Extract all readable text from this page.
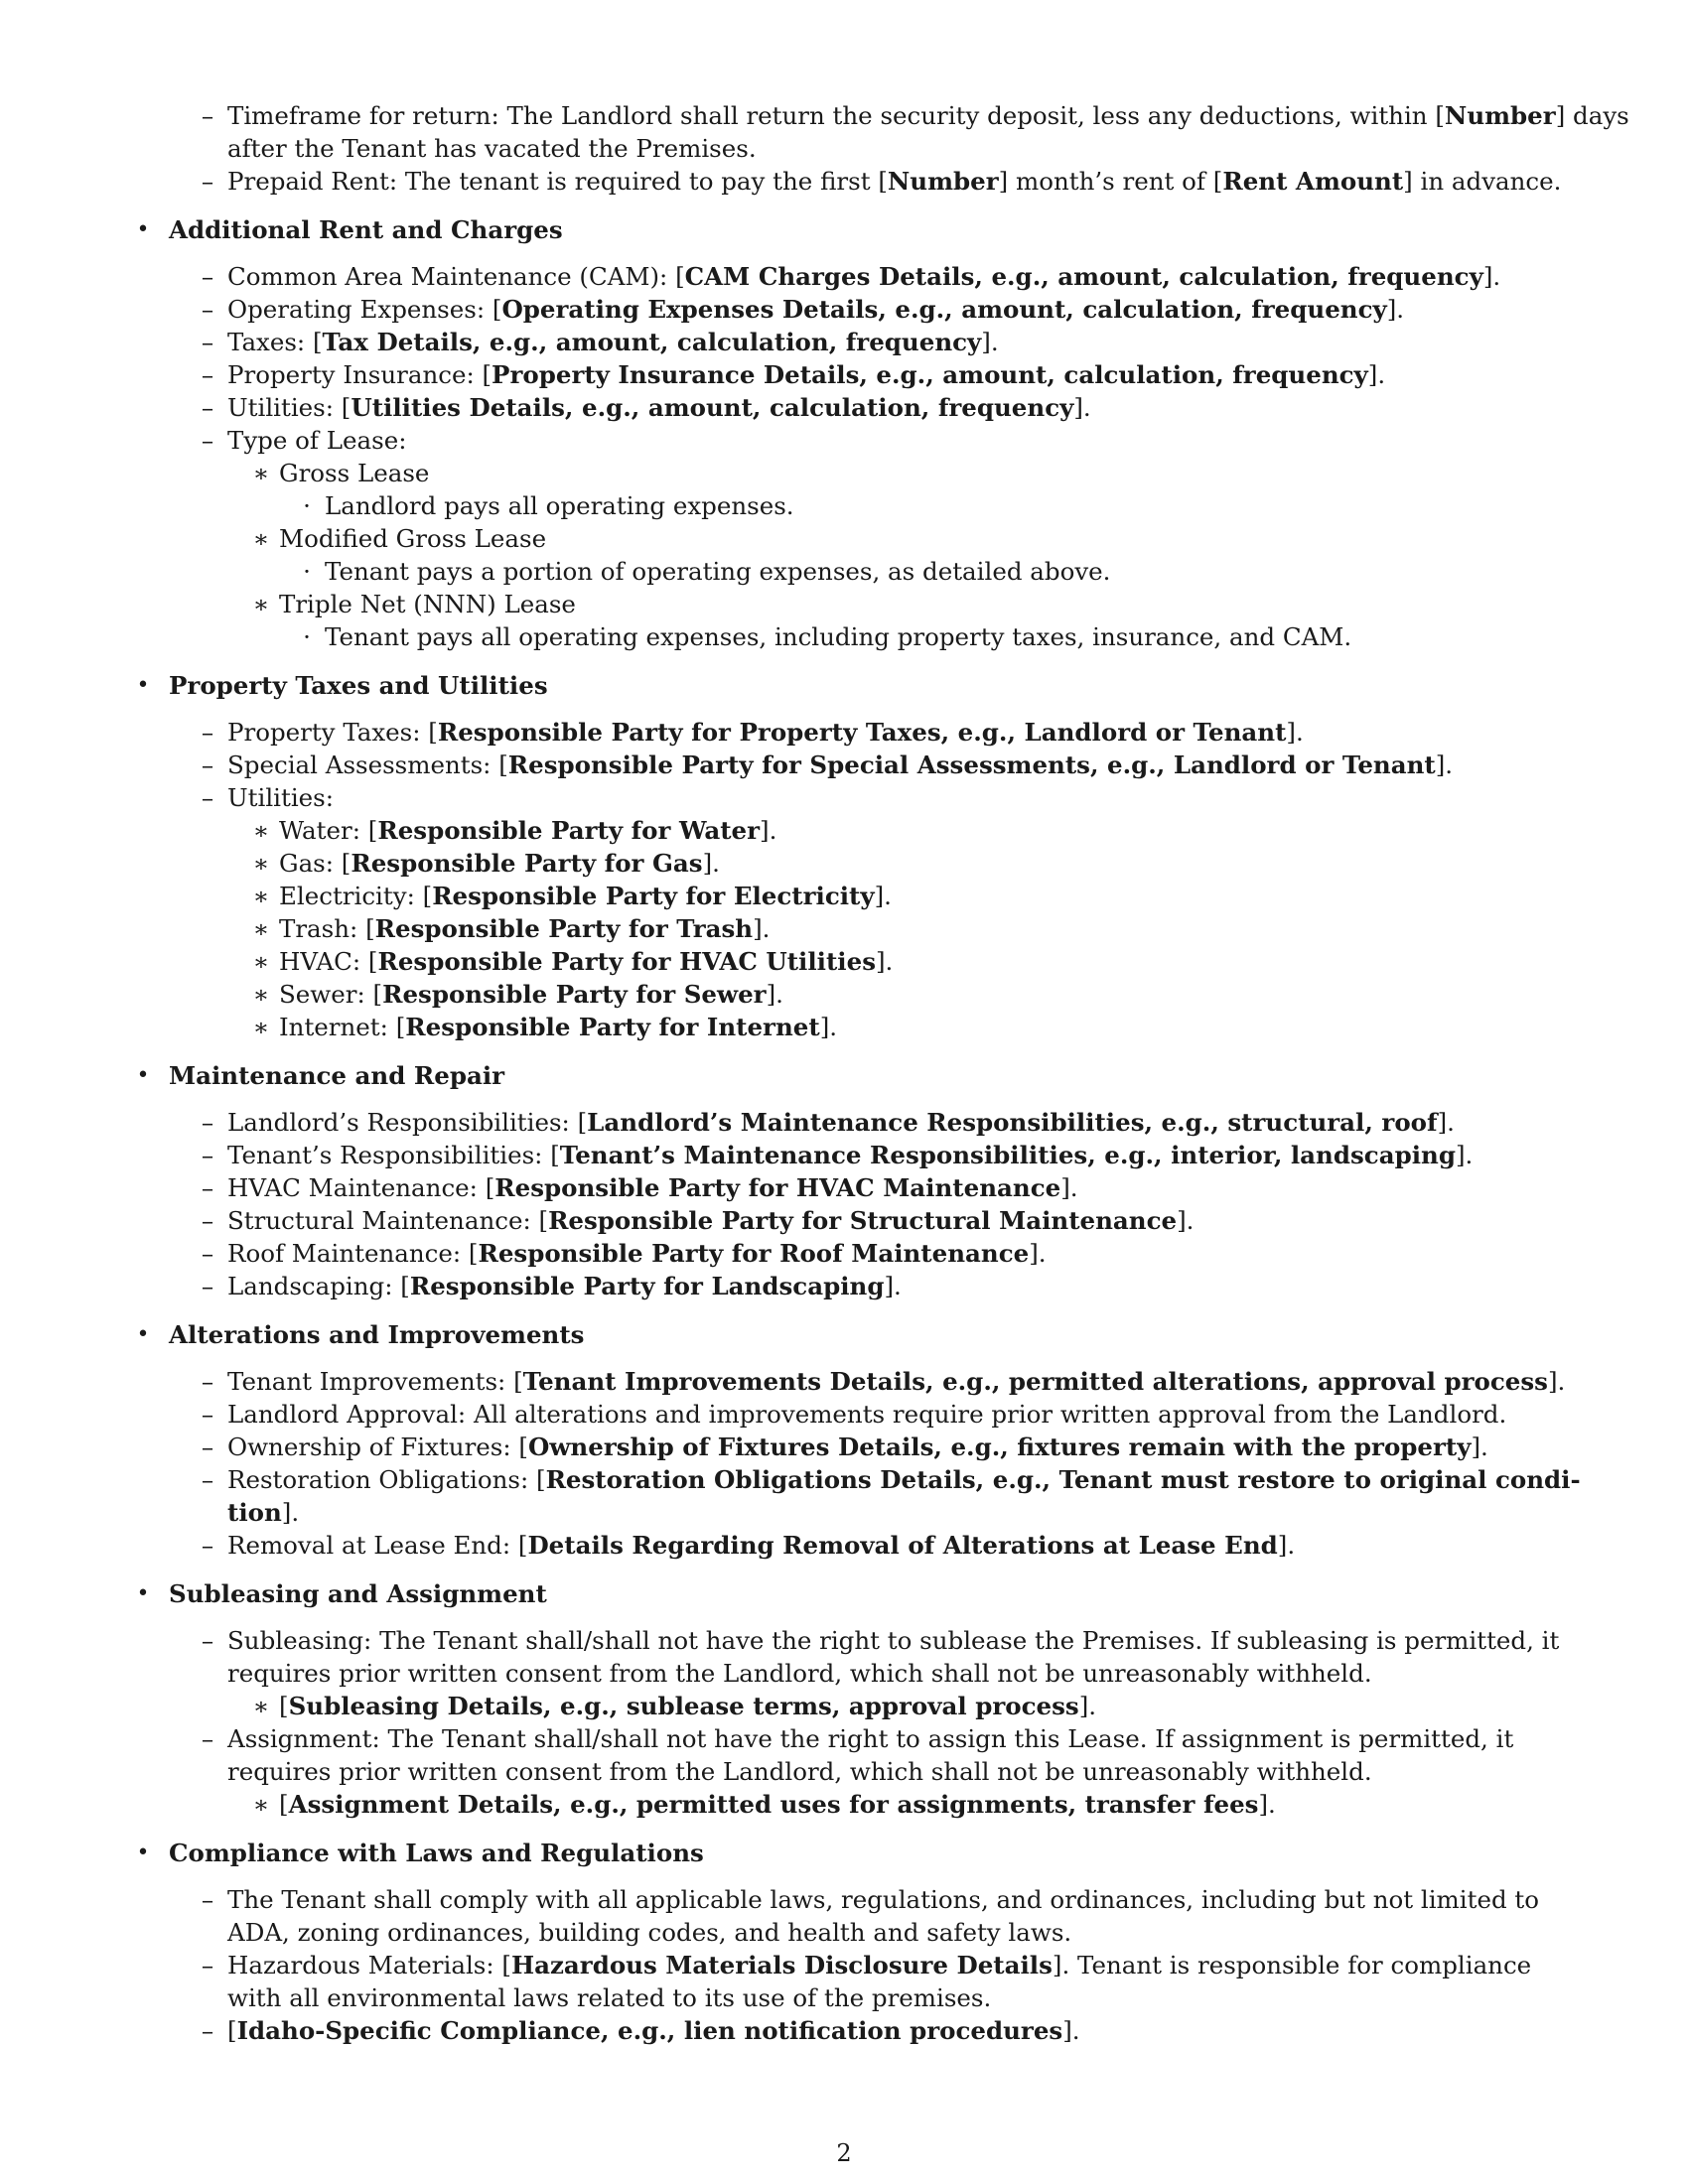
– Timeframe for return: The Landlord shall return the security deposit, less any deductions, within [Number] days
after the Tenant has vacated the Premises.
– Prepaid Rent: The tenant is required to pay the first [Number] month’s rent of [Rent Amount] in advance.
• Additional Rent and Charges
– Common Area Maintenance (CAM): [CAM Charges Details, e.g., amount, calculation, frequency].
– Operating Expenses: [Operating Expenses Details, e.g., amount, calculation, frequency].
– Taxes: [Tax Details, e.g., amount, calculation, frequency].
– Property Insurance: [Property Insurance Details, e.g., amount, calculation, frequency].
– Utilities: [Utilities Details, e.g., amount, calculation, frequency].
– Type of Lease:
∗ Gross Lease
· Landlord pays all operating expenses.
∗ Modified Gross Lease
· Tenant pays a portion of operating expenses, as detailed above.
∗ Triple Net (NNN) Lease
· Tenant pays all operating expenses, including property taxes, insurance, and CAM.
• Property Taxes and Utilities
– Property Taxes: [Responsible Party for Property Taxes, e.g., Landlord or Tenant].
– Special Assessments: [Responsible Party for Special Assessments, e.g., Landlord or Tenant].
– Utilities:
∗ Water: [Responsible Party for Water].
∗ Gas: [Responsible Party for Gas].
∗ Electricity: [Responsible Party for Electricity].
∗ Trash: [Responsible Party for Trash].
∗ HVAC: [Responsible Party for HVAC Utilities].
∗ Sewer: [Responsible Party for Sewer].
∗ Internet: [Responsible Party for Internet].
• Maintenance and Repair
– Landlord’s Responsibilities: [Landlord’s Maintenance Responsibilities, e.g., structural, roof].
– Tenant’s Responsibilities: [Tenant’s Maintenance Responsibilities, e.g., interior, landscaping].
– HVAC Maintenance: [Responsible Party for HVAC Maintenance].
– Structural Maintenance: [Responsible Party for Structural Maintenance].
– Roof Maintenance: [Responsible Party for Roof Maintenance].
– Landscaping: [Responsible Party for Landscaping].
• Alterations and Improvements
– Tenant Improvements: [Tenant Improvements Details, e.g., permitted alterations, approval process].
– Landlord Approval: All alterations and improvements require prior written approval from the Landlord.
– Ownership of Fixtures: [Ownership of Fixtures Details, e.g., fixtures remain with the property].
– Restoration Obligations: [Restoration Obligations Details, e.g., Tenant must restore to original condi-
tion].
– Removal at Lease End: [Details Regarding Removal of Alterations at Lease End].
• Subleasing and Assignment
– Subleasing: The Tenant shall/shall not have the right to sublease the Premises. If subleasing is permitted, it requires prior written consent from the Landlord, which shall not be unreasonably withheld.
∗ [Subleasing Details, e.g., sublease terms, approval process].
– Assignment: The Tenant shall/shall not have the right to assign this Lease. If assignment is permitted, it requires prior written consent from the Landlord, which shall not be unreasonably withheld.
∗ [Assignment Details, e.g., permitted uses for assignments, transfer fees].
• Compliance with Laws and Regulations
– The Tenant shall comply with all applicable laws, regulations, and ordinances, including but not limited to ADA, zoning ordinances, building codes, and health and safety laws.
– Hazardous Materials: [Hazardous Materials Disclosure Details]. Tenant is responsible for compliance with all environmental laws related to its use of the premises.
– [Idaho-Specific Compliance, e.g., lien notification procedures].
2
